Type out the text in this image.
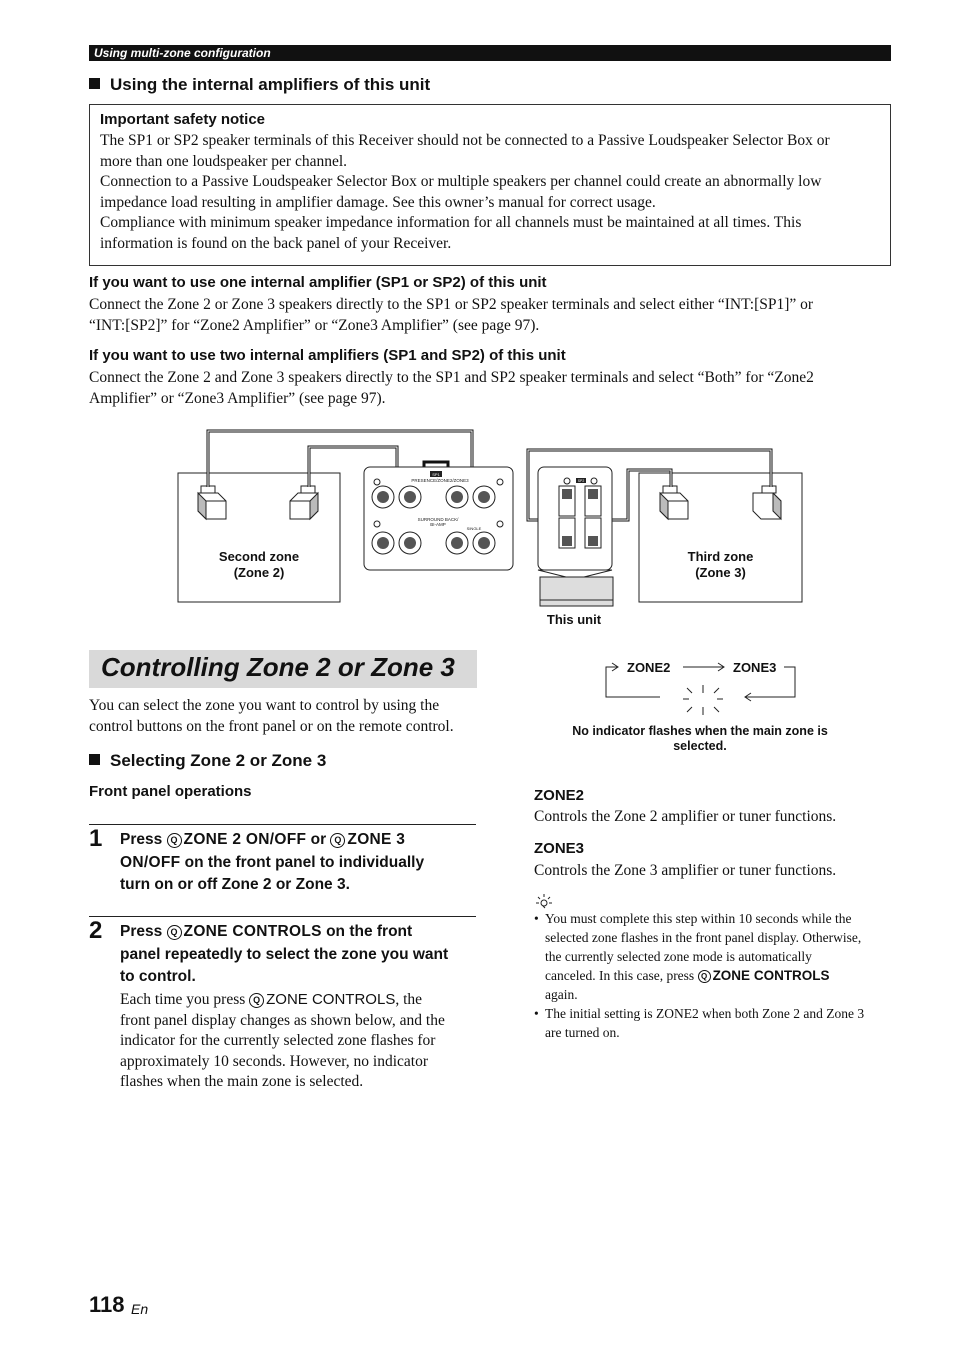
Using multi-zone configuration
Using the internal amplifiers of this unit
Important safety notice
The SP1 or SP2 speaker terminals of this Receiver should not be connected to a Passive Loudspeaker Selector Box or
more than one loudspeaker per channel.
Connection to a Passive Loudspeaker Selector Box or multiple speakers per channel could create an abnormally low
impedance load resulting in amplifier damage. See this owner’s manual for correct usage.
Compliance with minimum speaker impedance information for all channels must be maintained at all times. This
information is found on the back panel of your Receiver.
If you want to use one internal amplifier (SP1 or SP2) of this unit
Connect the Zone 2 or Zone 3 speakers directly to the SP1 or SP2 speaker terminals and select either “INT:[SP1]” or
“INT:[SP2]” for “Zone2 Amplifier” or “Zone3 Amplifier” (see page 97).
If you want to use two internal amplifiers (SP1 and SP2) of this unit
Connect the Zone 2 and Zone 3 speakers directly to the SP1 and SP2 speaker terminals and select “Both” for “Zone2
Amplifier” or “Zone3 Amplifier” (see page 97).
SP1
PRESENCE/ZONE2/ZONE3
SURROUND BACK/
BI-AMP
SINGLE
SP2
Second zone
(Zone 2)
Third zone
(Zone 3)
This unit
Controlling Zone 2 or Zone 3
You can select the zone you want to control by using the
control buttons on the front panel or on the remote control.
Selecting Zone 2 or Zone 3
Front panel operations
1 Press Q ZONE 2 ON/OFF or Q ZONE 3
ON/OFF on the front panel to individually
turn on or off Zone 2 or Zone 3.
2 Press Q ZONE CONTROLS on the front
panel repeatedly to select the zone you want
to control.
Each time you press Q ZONE CONTROLS, the
front panel display changes as shown below, and the
indicator for the currently selected zone flashes for
approximately 10 seconds. However, no indicator
flashes when the main zone is selected.
ZONE2	ZONE3
No indicator flashes when the main zone is
selected.
ZONE2
Controls the Zone 2 amplifier or tuner functions.
ZONE3
Controls the Zone 3 amplifier or tuner functions.
• You must complete this step within 10 seconds while the
selected zone flashes in the front panel display. Otherwise,
the currently selected zone mode is automatically
canceled. In this case, press Q ZONE CONTROLS
again.
• The initial setting is ZONE2 when both Zone 2 and Zone 3
are turned on.
118 En
